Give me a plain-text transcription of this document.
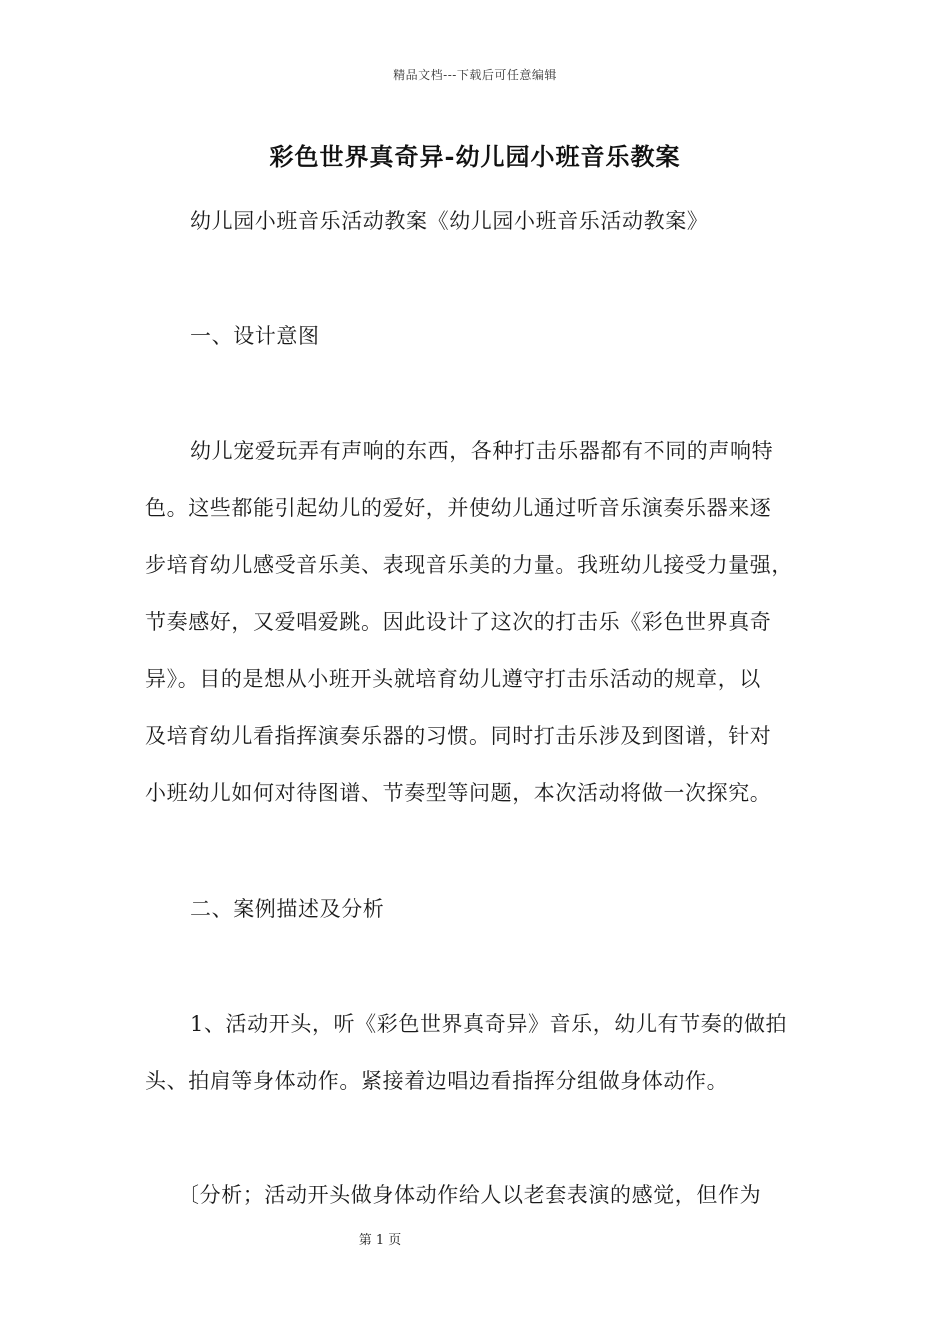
精品文档---下载后可任意编辑
彩色世界真奇异-幼儿园小班音乐教案
幼儿园小班音乐活动教案《幼儿园小班音乐活动教案》
一、设计意图
幼儿宠爱玩弄有声响的东西，各种打击乐器都有不同的声响特
色。这些都能引起幼儿的爱好，并使幼儿通过听音乐演奏乐器来逐
步培育幼儿感受音乐美、表现音乐美的力量。我班幼儿接受力量强，
节奏感好，又爱唱爱跳。因此设计了这次的打击乐《彩色世界真奇
异》。目的是想从小班开头就培育幼儿遵守打击乐活动的规章，以
及培育幼儿看指挥演奏乐器的习惯。同时打击乐涉及到图谱，针对
小班幼儿如何对待图谱、节奏型等问题，本次活动将做一次探究。
二、案例描述及分析
1、活动开头，听《彩色世界真奇异》音乐，幼儿有节奏的做拍
头、拍肩等身体动作。紧接着边唱边看指挥分组做身体动作。
〔分析；活动开头做身体动作给人以老套表演的感觉，但作为
第 1 页
